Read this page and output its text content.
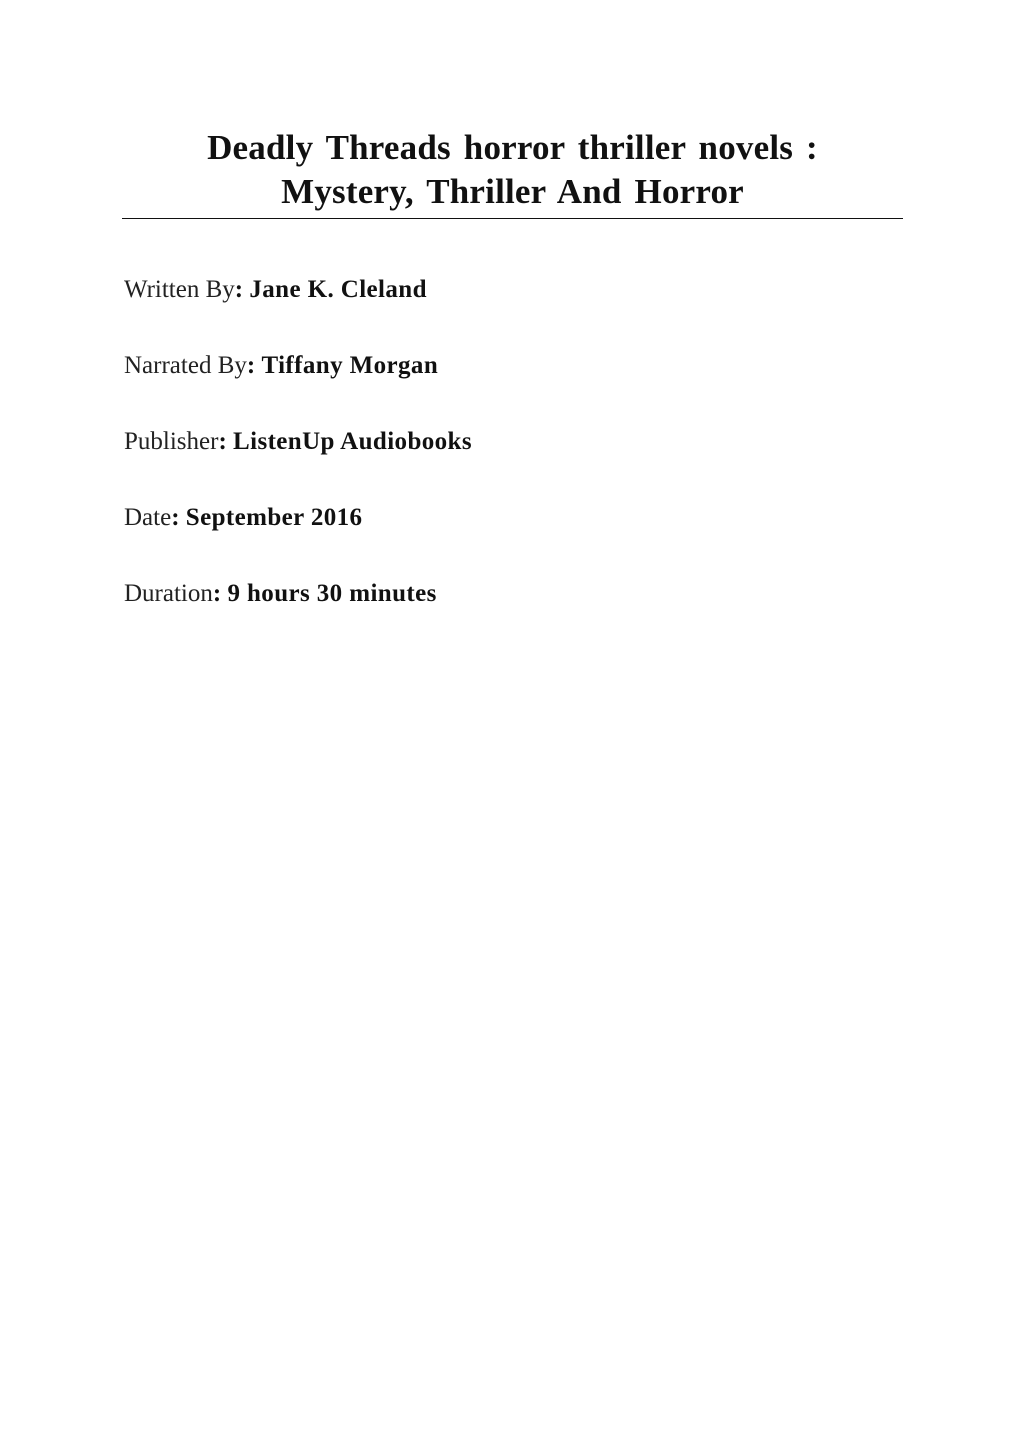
Deadly Threads horror thriller novels :
Mystery, Thriller And Horror
Written By: Jane K. Cleland
Narrated By: Tiffany Morgan
Publisher: ListenUp Audiobooks
Date: September 2016
Duration: 9 hours 30 minutes
